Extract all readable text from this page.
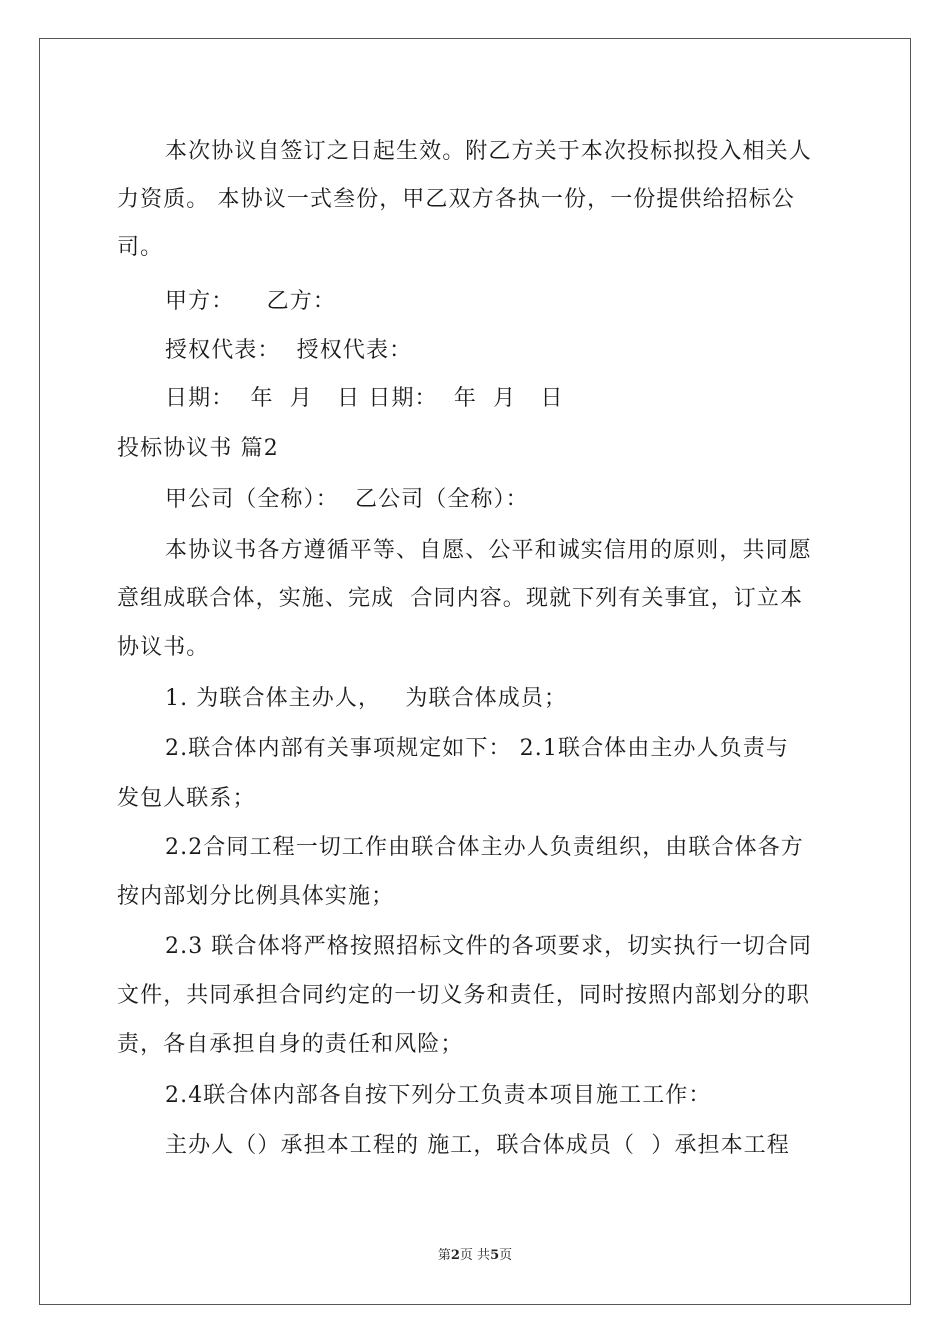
本次协议自签订之日起生效。附乙方关于本次投标拟投入相关人
力资质。 本协议一式叁份，甲乙双方各执一份，一份提供给招标公
司。
甲方：    乙方：
授权代表：  授权代表：
日期：  年  月   日 日期：  年  月   日
投标协议书 篇2
甲公司（全称）：  乙公司（全称）：
本协议书各方遵循平等、自愿、公平和诚实信用的原则，共同愿
意组成联合体，实施、完成  合同内容。现就下列有关事宜，订立本
协议书。
1. 为联合体主办人，   为联合体成员；
2.联合体内部有关事项规定如下： 2.1联合体由主办人负责与
发包人联系；
2.2合同工程一切工作由联合体主办人负责组织，由联合体各方
按内部划分比例具体实施；
2.3 联合体将严格按照招标文件的各项要求，切实执行一切合同
文件，共同承担合同约定的一切义务和责任，同时按照内部划分的职
责，各自承担自身的责任和风险；
2.4联合体内部各自按下列分工负责本项目施工工作：
主办人（）承担本工程的 施工，联合体成员（  ）承担本工程
第2页 共5页
